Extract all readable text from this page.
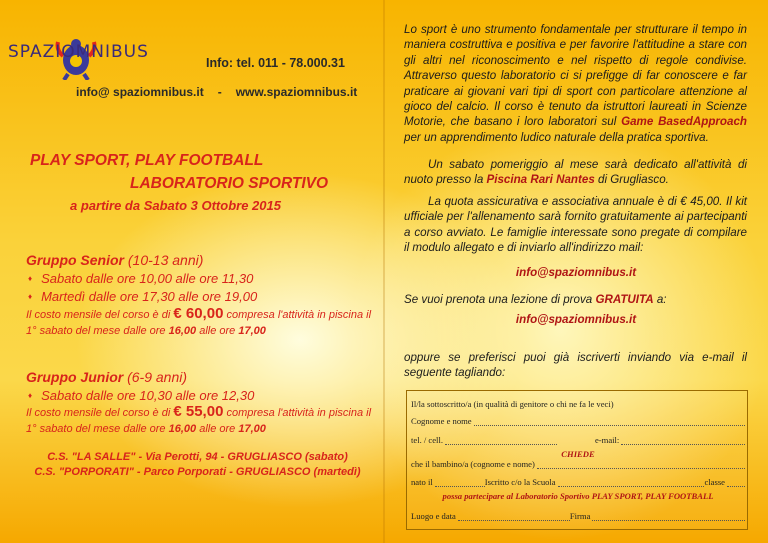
SPAZIOMNIBUS
Info: tel. 011 - 78.000.31
info@ spaziomnibus.it - www.spaziomnibus.it
PLAY SPORT, PLAY FOOTBALL
LABORATORIO SPORTIVO
a partire da Sabato 3 Ottobre 2015
Gruppo Senior (10-13 anni)
♦ Sabato dalle ore 10,00 alle ore 11,30
♦ Martedì dalle ore 17,30 alle ore 19,00
Il costo mensile del corso è di € 60,00 compresa l'attività in piscina il 1° sabato del mese dalle ore 16,00 alle ore 17,00
Gruppo Junior (6-9 anni)
♦ Sabato dalle ore 10,30 alle ore 12,30
Il costo mensile del corso è di € 55,00 compresa l'attività in piscina il 1° sabato del mese dalle ore 16,00 alle ore 17,00
C.S. "LA SALLE" - Via Perotti, 94 - GRUGLIASCO (sabato)
C.S. "PORPORATI" - Parco Porporati - GRUGLIASCO (martedì)
Lo sport è uno strumento fondamentale per strutturare il tempo in maniera costruttiva e positiva e per favorire l'attitudine a stare con gli altri nel riconoscimento e nel rispetto di regole condivise. Attraverso questo laboratorio ci si prefigge di far conoscere e far praticare ai giovani vari tipi di sport con particolare attenzione al gioco del calcio. Il corso è tenuto da istruttori laureati in Scienze Motorie, che basano i loro laboratori sul Game BasedApproach per un apprendimento ludico naturale della pratica sportiva.
Un sabato pomeriggio al mese sarà dedicato all'attività di nuoto presso la Piscina Rari Nantes di Grugliasco.
La quota assicurativa e associativa annuale è di € 45,00. Il kit ufficiale per l'allenamento sarà fornito gratuitamente ai partecipanti a corso avviato. Le famiglie interessate sono pregate di compilare il modulo allegato e di inviarlo all'indirizzo mail:
info@spaziomnibus.it
Se vuoi prenota una lezione di prova GRATUITA a:
info@spaziomnibus.it
oppure se preferisci puoi già iscriverti inviando via e-mail il seguente tagliando:
Il/la sottoscritto/a (in qualità di genitore o chi ne fa le veci)
Cognome e nome
tel. / cell.	e-mail:
CHIEDE
che il bambino/a (cognome e nome)
nato il	Iscritto c/o la Scuola	classe
possa partecipare al Laboratorio Sportivo PLAY SPORT, PLAY FOOTBALL
Luogo e data	Firma
